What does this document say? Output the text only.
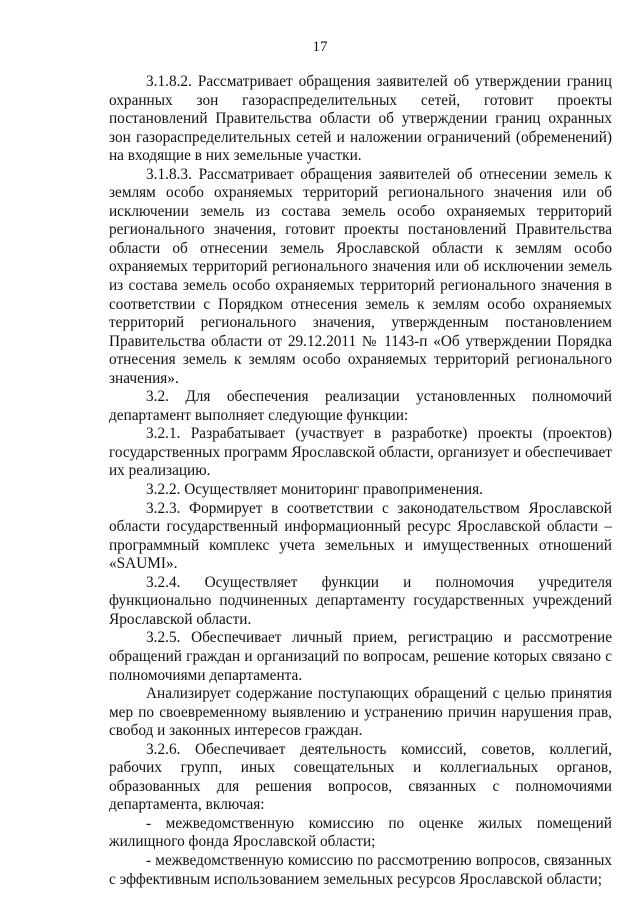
17

3.1.8.2. Рассматривает обращения заявителей об утверждении границ охранных зон газораспределительных сетей, готовит проекты постановлений Правительства области об утверждении границ охранных зон газораспределительных сетей и наложении ограничений (обременений) на входящие в них земельные участки.

3.1.8.3. Рассматривает обращения заявителей об отнесении земель к землям особо охраняемых территорий регионального значения или об исключении земель из состава земель особо охраняемых территорий регионального значения, готовит проекты постановлений Правительства области об отнесении земель Ярославской области к землям особо охраняемых территорий регионального значения или об исключении земель из состава земель особо охраняемых территорий регионального значения в соответствии с Порядком отнесения земель к землям особо охраняемых территорий регионального значения, утвержденным постановлением Правительства области от 29.12.2011 № 1143-п «Об утверждении Порядка отнесения земель к землям особо охраняемых территорий регионального значения».

3.2. Для обеспечения реализации установленных полномочий департамент выполняет следующие функции:

3.2.1. Разрабатывает (участвует в разработке) проекты (проектов) государственных программ Ярославской области, организует и обеспечивает их реализацию.

3.2.2. Осуществляет мониторинг правоприменения.

3.2.3. Формирует в соответствии с законодательством Ярославской области государственный информационный ресурс Ярославской области – программный комплекс учета земельных и имущественных отношений «SAUMI».

3.2.4. Осуществляет функции и полномочия учредителя функционально подчиненных департаменту государственных учреждений Ярославской области.

3.2.5. Обеспечивает личный прием, регистрацию и рассмотрение обращений граждан и организаций по вопросам, решение которых связано с полномочиями департамента.

Анализирует содержание поступающих обращений с целью принятия мер по своевременному выявлению и устранению причин нарушения прав, свобод и законных интересов граждан.

3.2.6. Обеспечивает деятельность комиссий, советов, коллегий, рабочих групп, иных совещательных и коллегиальных органов, образованных для решения вопросов, связанных с полномочиями департамента, включая:

- межведомственную комиссию по оценке жилых помещений жилищного фонда Ярославской области;

- межведомственную комиссию по рассмотрению вопросов, связанных с эффективным использованием земельных ресурсов Ярославской области;
